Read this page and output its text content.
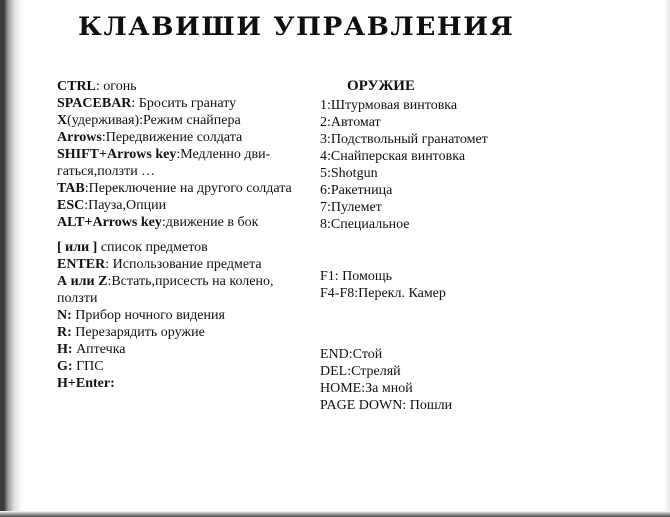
КЛАВИШИ УПРАВЛЕНИЯ
CTRL: огонь
SPACEBAR: Бросить гранату
X(удерживая):Режим снайпера
Arrows:Передвижение солдата
SHIFT+Arrows key:Медленно дви-гаться,ползти …
TAB:Переключение на другого солдата
ESC:Пауза,Опции
ALT+Arrows key:движение в бок
[ или ] список предметов
ENTER: Использование предмета
А или Z:Встать,присесть на колено, ползти
N: Прибор ночного видения
R: Перезарядить оружие
H: Аптечка
G: ГПС
H+Enter:
ОРУЖИЕ
1:Штурмовая винтовка
2:Автомат
3:Подствольный гранатомет
4:Снайперская винтовка
5:Shotgun
6:Ракетница
7:Пулемет
8:Специальное
F1: Помощь
F4-F8:Перекл. Камер
END:Стой
DEL:Стреляй
HOME:За мной
PAGE DOWN: Пошли
